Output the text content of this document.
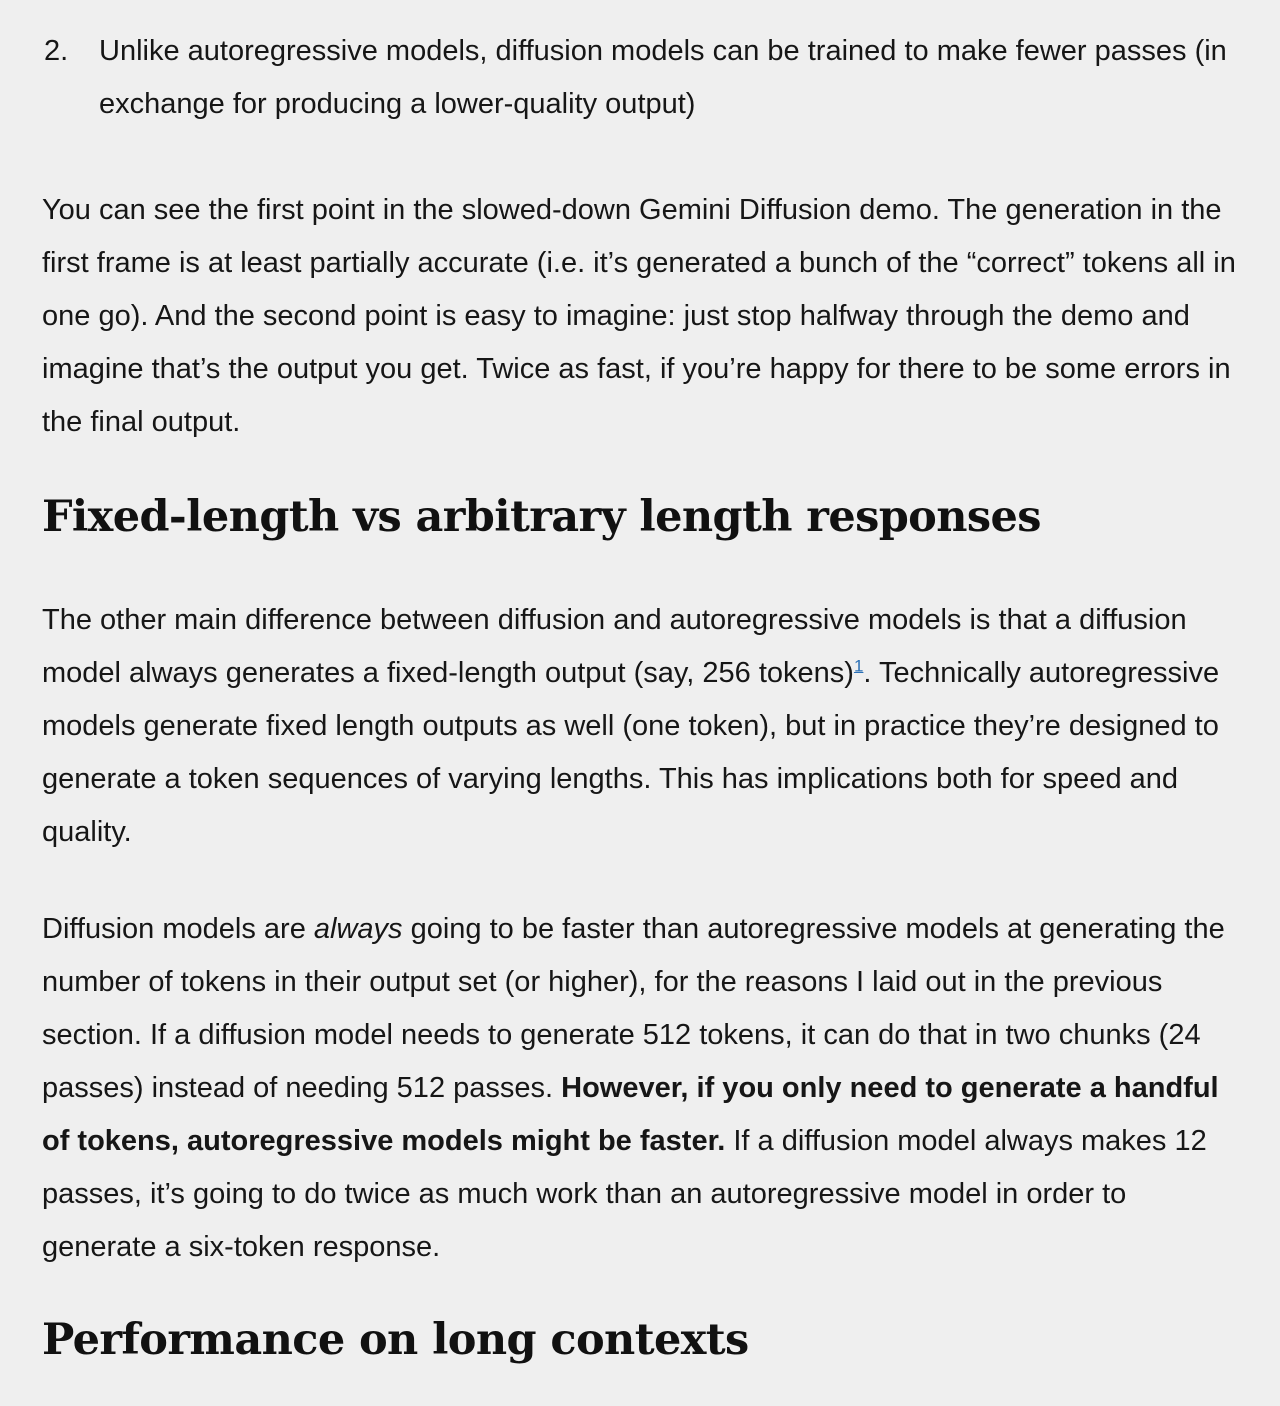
2. Unlike autoregressive models, diffusion models can be trained to make fewer passes (in exchange for producing a lower-quality output)

You can see the first point in the slowed-down Gemini Diffusion demo. The generation in the first frame is at least partially accurate (i.e. it’s generated a bunch of the “correct” tokens all in one go). And the second point is easy to imagine: just stop halfway through the demo and imagine that’s the output you get. Twice as fast, if you’re happy for there to be some errors in the final output.

Fixed-length vs arbitrary length responses

The other main difference between diffusion and autoregressive models is that a diffusion model always generates a fixed-length output (say, 256 tokens)$^1$. Technically autoregressive models generate fixed length outputs as well (one token), but in practice they’re designed to generate a token sequences of varying lengths. This has implications both for speed and quality.

Diffusion models are always going to be faster than autoregressive models at generating the number of tokens in their output set (or higher), for the reasons I laid out in the previous section. If a diffusion model needs to generate 512 tokens, it can do that in two chunks (24 passes) instead of needing 512 passes. However, if you only need to generate a handful of tokens, autoregressive models might be faster. If a diffusion model always makes 12 passes, it’s going to do twice as much work than an autoregressive model in order to generate a six-token response.

Performance on long contexts
